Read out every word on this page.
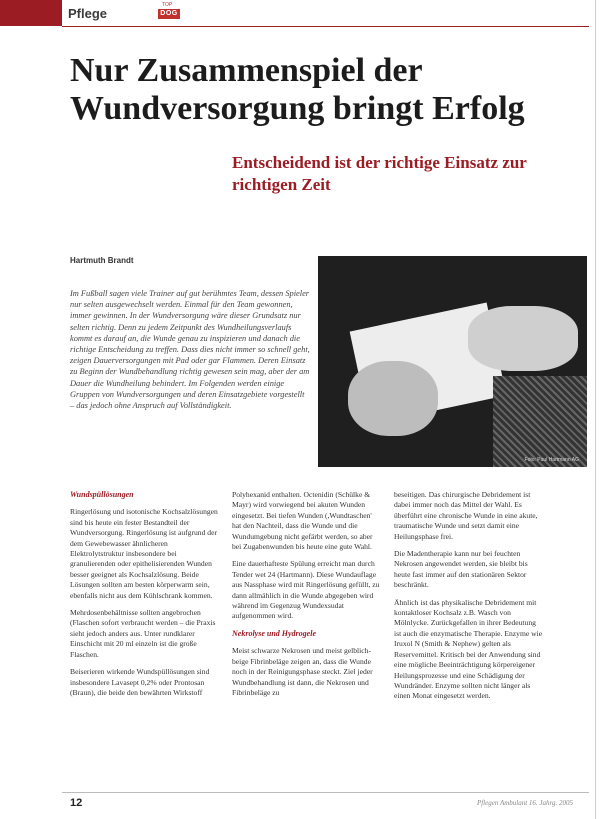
Pflege
TOP
DOG
Nur Zusammenspiel der Wundversorgung bringt Erfolg
Entscheidend ist der richtige Einsatz zur richtigen Zeit
Hartmuth Brandt
Foto: Paul Hartmann AG

Im Fußball sagen viele Trainer auf gut berühmtes Team, dessen Spieler nur selten ausgewechselt werden. Einmal für den Team gewonnen, immer gewinnen. In der Wundversorgung wäre dieser Grundsatz nur selten richtig. Denn zu jedem Zeitpunkt des Wundheilungsverlaufs kommt es darauf an, die Wunde genau zu inspizieren und danach die richtige Entscheidung zu treffen. Dass dies nicht immer so schnell geht, zeigen Dauerversorgungen mit Pad oder gar Flammen. Deren Einsatz zu Beginn der Wundbehandlung richtig gewesen sein mag, aber der am Dauer die Wundheilung behindert. Im Folgenden werden einige Gruppen von Wundversorgungen und deren Einsatzgebiete vorgestellt – das jedoch ohne Anspruch auf Vollständigkeit.

Wundspüllösungen

Ringerlösung und isotonische Kochsalzlösungen sind bis heute ein fester Bestandteil der Wundversorgung. Ringerlösung ist aufgrund der dem Gewebewasser ähnlicheren Elektrolytstruktur insbesondere bei granulierenden oder epithelisierenden Wunden besser geeignet als Kochsalzlösung. Beide Lösungen sollten am besten körperwarm sein, ebenfalls nicht aus dem Kühlschrank kommen.

Mehrdosenbehältnisse sollten angebrochen (Flaschen sofort verbraucht werden – die Praxis sieht jedoch anders aus. Unter rundklarer Einschicht mit 20 ml einzeln ist die große Flaschen.

Beiserieren wirkende Wundspüllösungen sind insbesondere Lavasept 0,2% oder Prontosan (Braun), die beide den bewährten Wirkstoff

Polyhexanid enthalten. Octenidin (Schülke & Mayr) wird vorwiegend bei akuten Wunden eingesetzt. Bei tiefen Wunden (,Wundtaschen' hat den Nachteil, dass die Wunde und die Wundumgebung nicht gefärbt werden, so aber bei Zugabenwunden bis heute eine gute Wahl.

Eine dauerhafteste Spülung erreicht man durch Tender wet 24 (Hartmann). Diese Wundauflage aus Nassphase wird mit Ringerlösung gefüllt, zu dann allmählich in die Wunde abgegeben wird während im Gegenzug Wundexsudat aufgenommen wird.

Nekrolyse und Hydrogele

Meist schwarze Nekrosen und meist gelblich-beige Fibrinbeläge zeigen an, dass die Wunde noch in der Reinigungsphase steckt. Ziel jeder Wundbehandlung ist dann, die Nekrosen und Fibrinbeläge zu

beseitigen. Das chirurgische Debridement ist dabei immer noch das Mittel der Wahl. Es überführt eine chronische Wunde in eine akute, traumatische Wunde und setzt damit eine Heilungsphase frei.

Die Madentherapie kann nur bei feuchten Nekrosen angewendet werden, sie bleibt bis heute fast immer auf den stationären Sektor beschränkt.

Ähnlich ist das physikalische Debridement mit kontaktloser Kochsalz z.B. Wasch von Mölnlycke. Zurückgefallen in ihrer Bedeutung ist auch die enzymatische Therapie. Enzyme wie Iruxol N (Smith & Nephew) gelten als Reservemittel. Kritisch bei der Anwendung sind eine mögliche Beeinträchtigung körpereigener Heilungsprozesse und eine Schädigung der Wundränder. Enzyme sollten nicht länger als einen Monat eingesetzt werden.

12	Pflegen Ambulant 16. Jahrg. 2005
